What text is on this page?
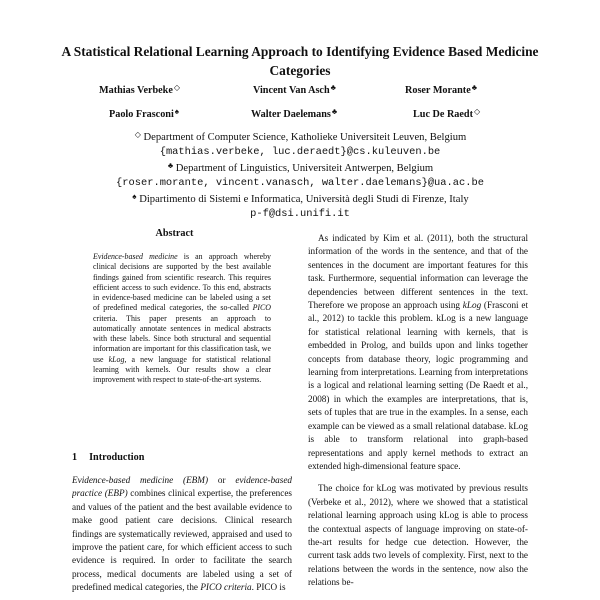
A Statistical Relational Learning Approach to Identifying Evidence Based Medicine Categories
Mathias Verbeke◇	Vincent Van Asch♣	Roser Morante♣
Paolo Frasconi♠	Walter Daelemans♣	Luc De Raedt◇
◇ Department of Computer Science, Katholieke Universiteit Leuven, Belgium
{mathias.verbeke, luc.deraedt}@cs.kuleuven.be
♣ Department of Linguistics, Universiteit Antwerpen, Belgium
{roser.morante, vincent.vanasch, walter.daelemans}@ua.ac.be
♠ Dipartimento di Sistemi e Informatica, Università degli Studi di Firenze, Italy
p-f@dsi.unifi.it
Abstract
Evidence-based medicine is an approach whereby clinical decisions are supported by the best available findings gained from scientific research. This requires efficient access to such evidence. To this end, abstracts in evidence-based medicine can be labeled using a set of predefined medical categories, the so-called PICO criteria. This paper presents an approach to automatically annotate sentences in medical abstracts with these labels. Since both structural and sequential information are important for this classification task, we use kLog, a new language for statistical relational learning with kernels. Our results show a clear improvement with respect to state-of-the-art systems.
1 Introduction
Evidence-based medicine (EBM) or evidence-based practice (EBP) combines clinical expertise, the preferences and values of the patient and the best available evidence to make good patient care decisions. Clinical research findings are systematically reviewed, appraised and used to improve the patient care, for which efficient access to such evidence is required. In order to facilitate the search process, medical documents are labeled using a set of predefined medical categories, the PICO criteria. PICO is

As indicated by Kim et al. (2011), both the structural information of the words in the sentence, and that of the sentences in the document are important features for this task. Furthermore, sequential information can leverage the dependencies between different sentences in the text. Therefore we propose an approach using kLog (Frasconi et al., 2012) to tackle this problem. kLog is a new language for statistical relational learning with kernels, that is embedded in Prolog, and builds upon and links together concepts from database theory, logic programming and learning from interpretations. Learning from interpretations is a logical and relational learning setting (De Raedt et al., 2008) in which the examples are interpretations, that is, sets of tuples that are true in the examples. In a sense, each example can be viewed as a small relational database. kLog is able to transform relational into graph-based representations and apply kernel methods to extract an extended high-dimensional feature space.

The choice for kLog was motivated by previous results (Verbeke et al., 2012), where we showed that a statistical relational learning approach using kLog is able to process the contextual aspects of language improving on state-of-the-art results for hedge cue detection. However, the current task adds two levels of complexity. First, next to the relations between the words in the sentence, now also the relations be-
